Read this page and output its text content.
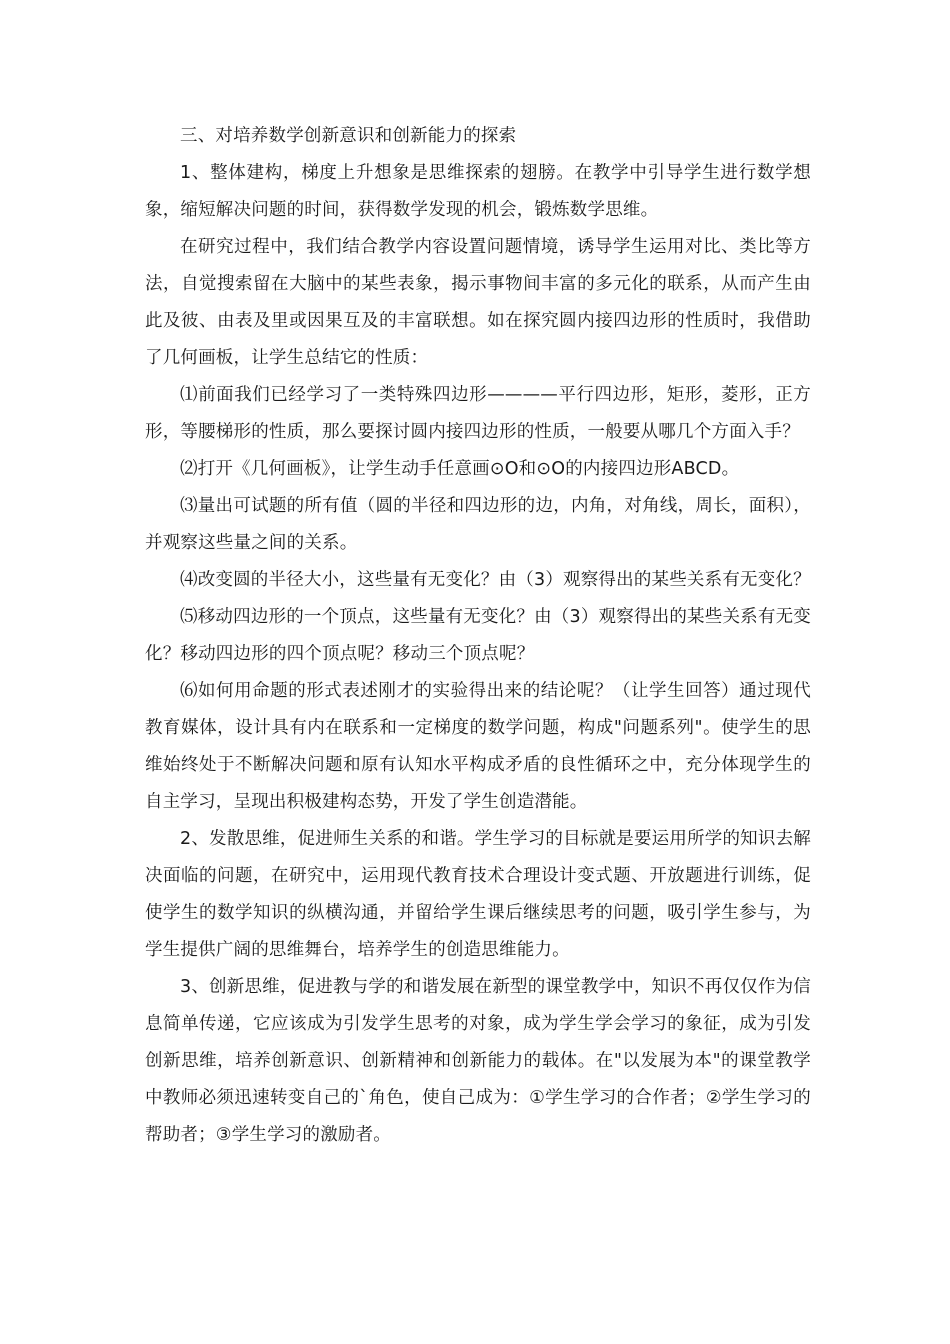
三、对培养数学创新意识和创新能力的探索

1、整体建构，梯度上升想象是思维探索的翅膀。在教学中引导学生进行数学想象，缩短解决问题的时间，获得数学发现的机会，锻炼数学思维。

在研究过程中，我们结合教学内容设置问题情境，诱导学生运用对比、类比等方法，自觉搜索留在大脑中的某些表象，揭示事物间丰富的多元化的联系，从而产生由此及彼、由表及里或因果互及的丰富联想。如在探究圆内接四边形的性质时，我借助了几何画板，让学生总结它的性质：

⑴前面我们已经学习了一类特殊四边形————平行四边形，矩形，菱形，正方形，等腰梯形的性质，那么要探讨圆内接四边形的性质，一般要从哪几个方面入手？

⑵打开《几何画板》，让学生动手任意画⊙O和⊙O的内接四边形ABCD。

⑶量出可试题的所有值（圆的半径和四边形的边，内角，对角线，周长，面积），并观察这些量之间的关系。

⑷改变圆的半径大小，这些量有无变化？由（3）观察得出的某些关系有无变化？

⑸移动四边形的一个顶点，这些量有无变化？由（3）观察得出的某些关系有无变化？移动四边形的四个顶点呢？移动三个顶点呢？

⑹如何用命题的形式表述刚才的实验得出来的结论呢？（让学生回答）通过现代教育媒体，设计具有内在联系和一定梯度的数学问题，构成"问题系列"。使学生的思维始终处于不断解决问题和原有认知水平构成矛盾的良性循环之中，充分体现学生的自主学习，呈现出积极建构态势，开发了学生创造潜能。

2、发散思维，促进师生关系的和谐。学生学习的目标就是要运用所学的知识去解决面临的问题，在研究中，运用现代教育技术合理设计变式题、开放题进行训练，促使学生的数学知识的纵横沟通，并留给学生课后继续思考的问题，吸引学生参与，为学生提供广阔的思维舞台，培养学生的创造思维能力。

3、创新思维，促进教与学的和谐发展在新型的课堂教学中，知识不再仅仅作为信息简单传递，它应该成为引发学生思考的对象，成为学生学会学习的象征，成为引发创新思维，培养创新意识、创新精神和创新能力的载体。在"以发展为本"的课堂教学中教师必须迅速转变自己的`角色，使自己成为：①学生学习的合作者；②学生学习的帮助者；③学生学习的激励者。
